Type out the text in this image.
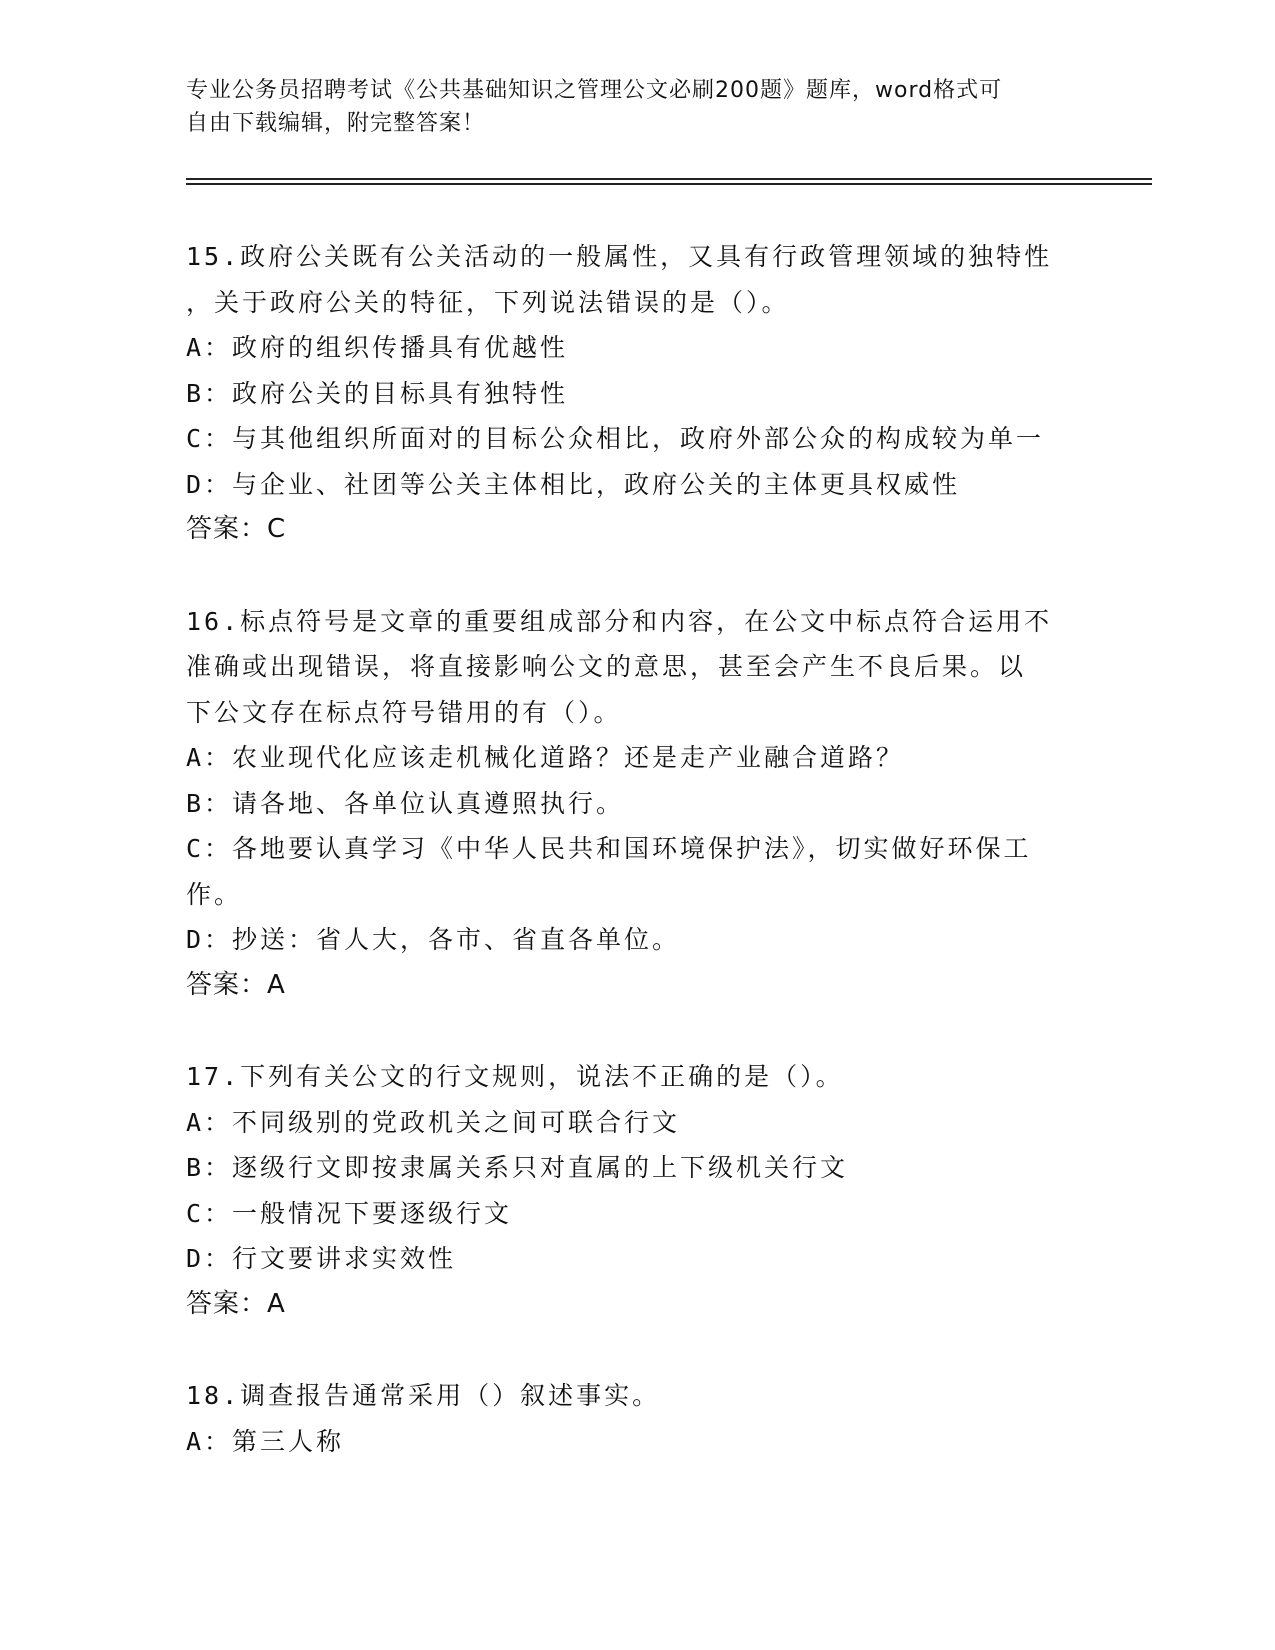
专业公务员招聘考试《公共基础知识之管理公文必刷200题》题库，word格式可
自由下载编辑，附完整答案！
15.政府公关既有公关活动的一般属性，又具有行政管理领域的独特性
，关于政府公关的特征，下列说法错误的是（）。
A：政府的组织传播具有优越性
B：政府公关的目标具有独特性
C：与其他组织所面对的目标公众相比，政府外部公众的构成较为单一
D：与企业、社团等公关主体相比，政府公关的主体更具权威性
答案：C
16.标点符号是文章的重要组成部分和内容，在公文中标点符合运用不
准确或出现错误，将直接影响公文的意思，甚至会产生不良后果。以
下公文存在标点符号错用的有（）。
A：农业现代化应该走机械化道路？还是走产业融合道路？
B：请各地、各单位认真遵照执行。
C：各地要认真学习《中华人民共和国环境保护法》，切实做好环保工
作。
D：抄送：省人大，各市、省直各单位。
答案：A
17.下列有关公文的行文规则，说法不正确的是（）。
A：不同级别的党政机关之间可联合行文
B：逐级行文即按隶属关系只对直属的上下级机关行文
C：一般情况下要逐级行文
D：行文要讲求实效性
答案：A
18.调查报告通常采用（）叙述事实。
A：第三人称
